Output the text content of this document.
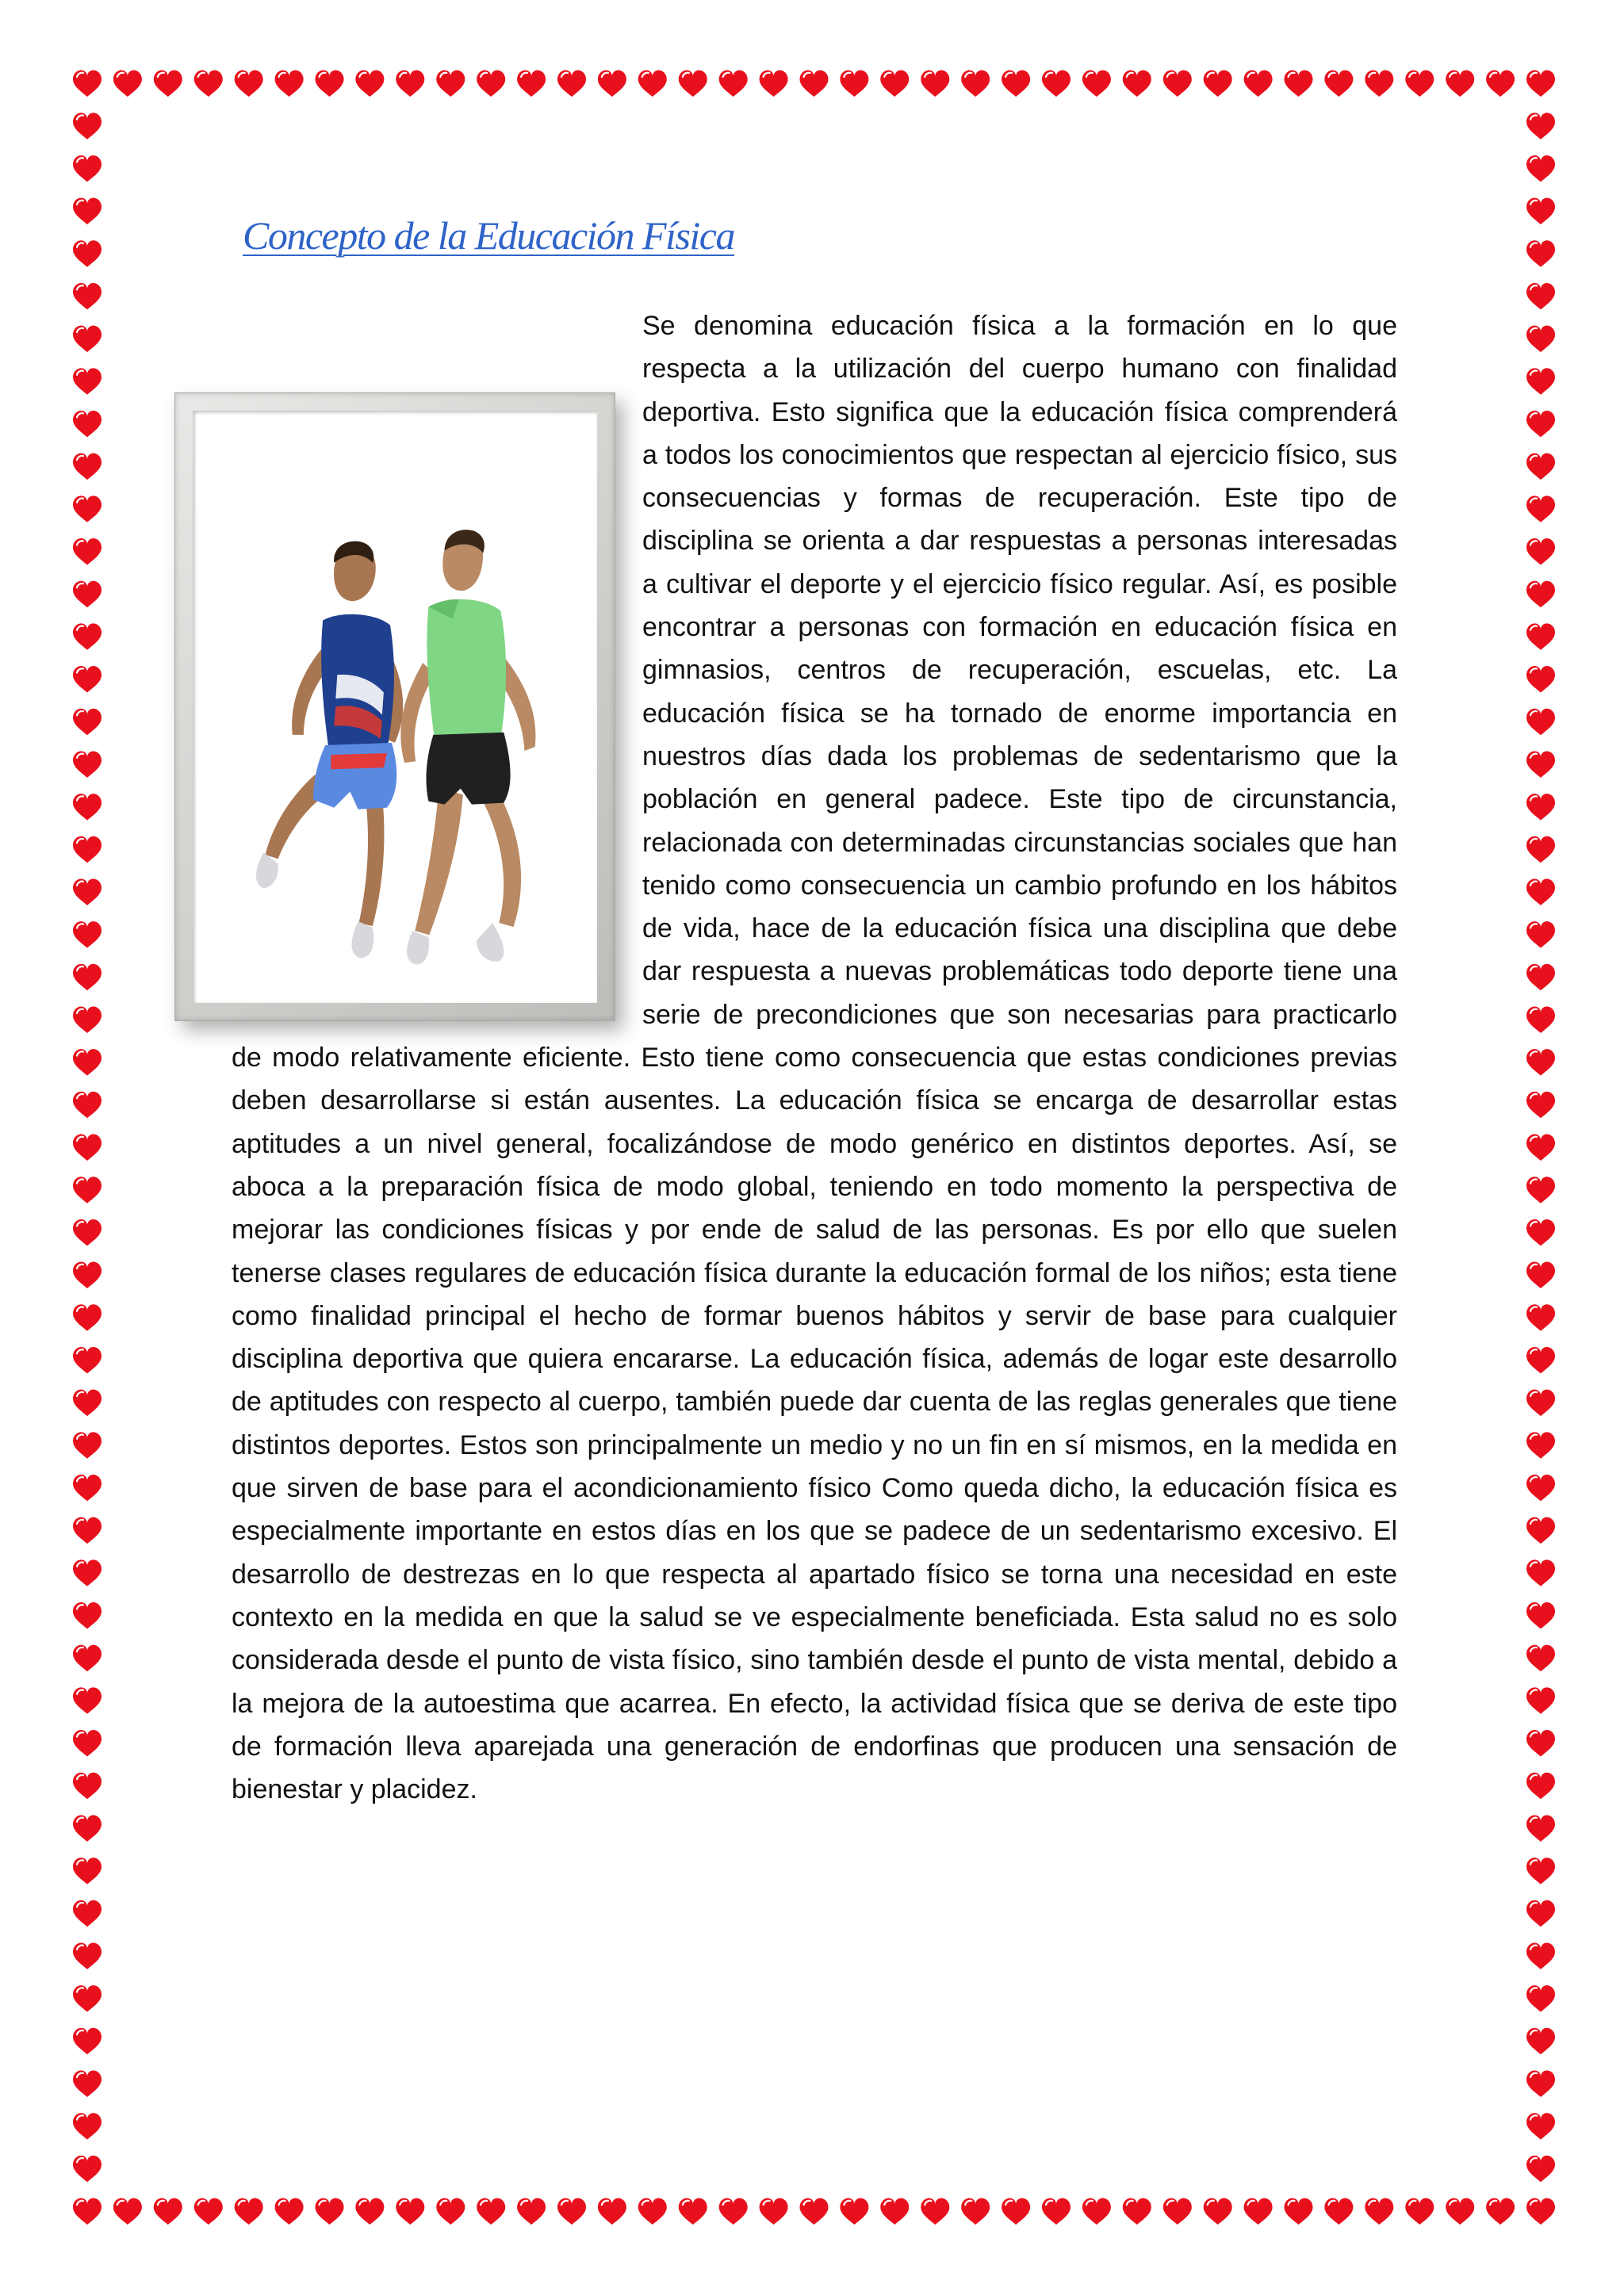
Concepto de la Educación Física
Se denomina educación física a la formación en lo que respecta a la utilización del cuerpo humano con finalidad deportiva. Esto significa que la educación física comprenderá a todos los conocimientos que respectan al ejercicio físico, sus consecuencias y formas de recuperación. Este tipo de disciplina se orienta a dar respuestas a personas interesadas a cultivar el deporte y el ejercicio físico regular. Así, es posible encontrar a personas con formación en educación física en gimnasios, centros de recuperación, escuelas, etc. La educación física se ha tornado de enorme importancia en nuestros días dada los problemas de sedentarismo que la población en general padece. Este tipo de circunstancia, relacionada con determinadas circunstancias sociales que han tenido como consecuencia un cambio profundo en los hábitos de vida, hace de la educación física una disciplina que debe dar respuesta a nuevas problemáticas todo deporte tiene una serie de precondiciones que son necesarias para practicarlo de modo relativamente eficiente. Esto tiene como consecuencia que estas condiciones previas deben desarrollarse si están ausentes. La educación física se encarga de desarrollar estas aptitudes a un nivel general, focalizándose de modo genérico en distintos deportes. Así, se aboca a la preparación física de modo global, teniendo en todo momento la perspectiva de mejorar las condiciones físicas y por ende de salud de las personas. Es por ello que suelen tenerse clases regulares de educación física durante la educación formal de los niños; esta tiene como finalidad principal el hecho de formar buenos hábitos y servir de base para cualquier disciplina deportiva que quiera encararse. La educación física, además de logar este desarrollo de aptitudes con respecto al cuerpo, también puede dar cuenta de las reglas generales que tiene distintos deportes. Estos son principalmente un medio y no un fin en sí mismos, en la medida en que sirven de base para el acondicionamiento físico Como queda dicho, la educación física es especialmente importante en estos días en los que se padece de un sedentarismo excesivo. El desarrollo de destrezas en lo que respecta al apartado físico se torna una necesidad en este contexto en la medida en que la salud se ve especialmente beneficiada. Esta salud no es solo considerada desde el punto de vista físico, sino también desde el punto de vista mental, debido a la mejora de la autoestima que acarrea. En efecto, la actividad física que se deriva de este tipo de formación lleva aparejada una generación de endorfinas que producen una sensación de bienestar y placidez.
